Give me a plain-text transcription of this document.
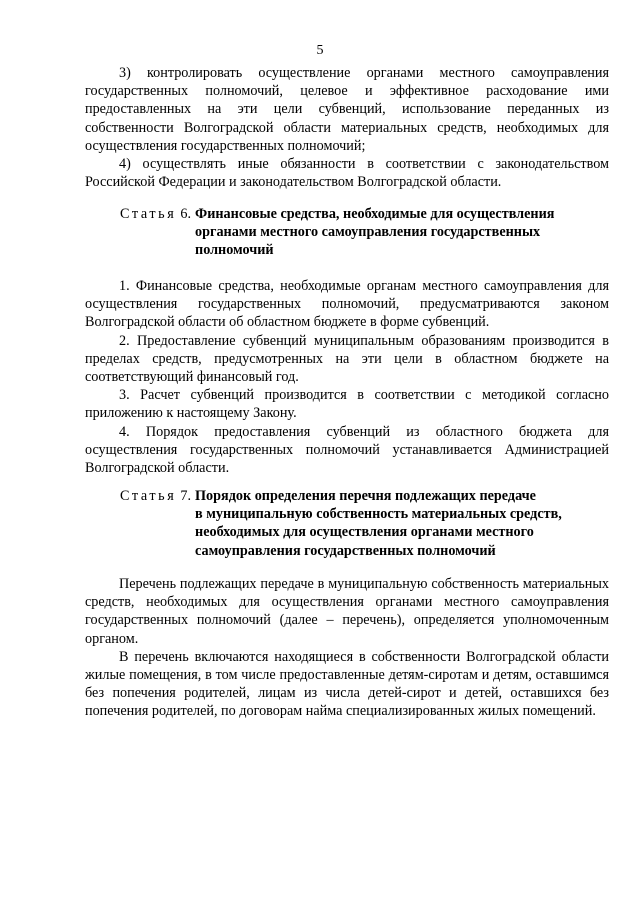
5

3) контролировать осуществление органами местного самоуправления государственных полномочий, целевое и эффективное расходование ими предоставленных на эти цели субвенций, использование переданных из собственности Волгоградской области материальных средств, необходимых для осуществления государственных полномочий;

4) осуществлять иные обязанности в соответствии с законодательством Российской Федерации и законодательством Волгоградской области.

Статья 6. Финансовые средства, необходимые для осуществления
органами местного самоуправления государственных
полномочий

1. Финансовые средства, необходимые органам местного самоуправления для осуществления государственных полномочий, предусматриваются законом Волгоградской области об областном бюджете в форме субвенций.

2. Предоставление субвенций муниципальным образованиям производится в пределах средств, предусмотренных на эти цели в областном бюджете на соответствующий финансовый год.

3. Расчет субвенций производится в соответствии с методикой согласно приложению к настоящему Закону.

4. Порядок предоставления субвенций из областного бюджета для осуществления государственных полномочий устанавливается Администрацией Волгоградской области.

Статья 7. Порядок определения перечня подлежащих передаче
в муниципальную собственность материальных средств,
необходимых для осуществления органами местного
самоуправления государственных полномочий

Перечень подлежащих передаче в муниципальную собственность материальных средств, необходимых для осуществления органами местного самоуправления государственных полномочий (далее – перечень), определяется уполномоченным органом.

В перечень включаются находящиеся в собственности Волгоградской области жилые помещения, в том числе предоставленные детям-сиротам и детям, оставшимся без попечения родителей, лицам из числа детей-сирот и детей, оставшихся без попечения родителей, по договорам найма специализированных жилых помещений.
